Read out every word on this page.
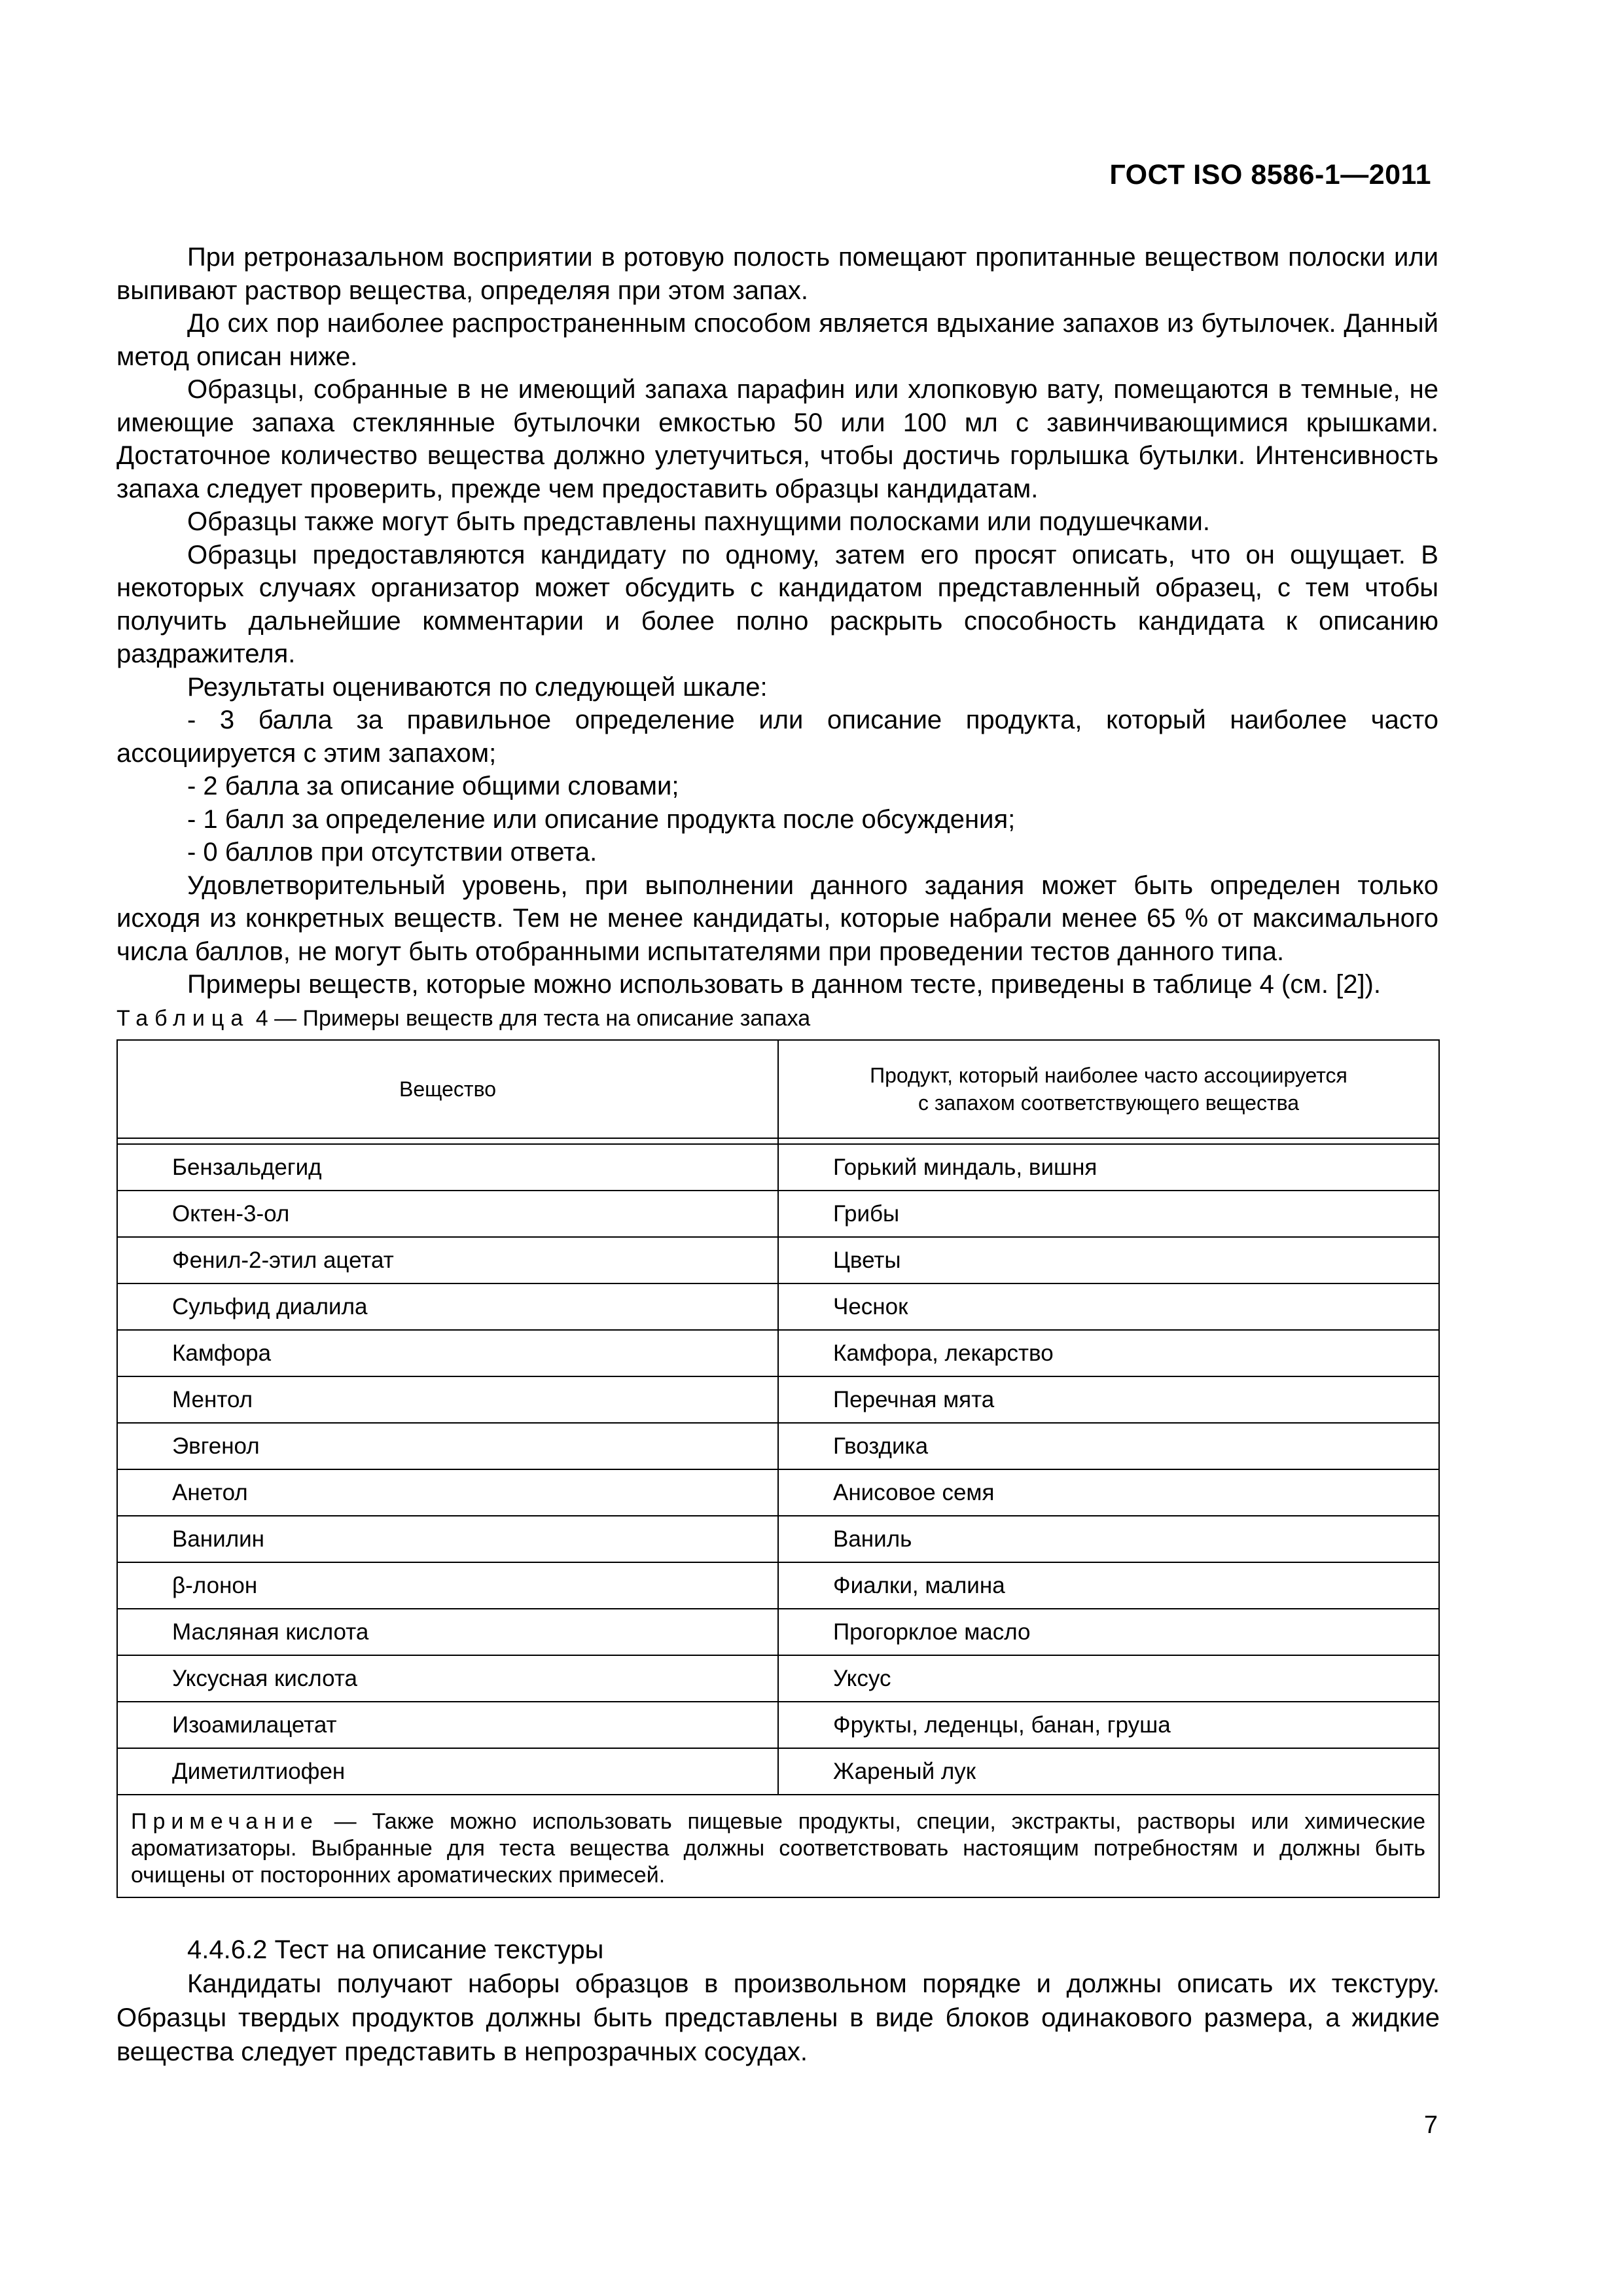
ГОСТ ISO 8586-1—2011

При ретроназальном восприятии в ротовую полость помещают пропитанные веществом полоски или выпивают раствор вещества, определяя при этом запах.

До сих пор наиболее распространенным способом является вдыхание запахов из бутылочек. Данный метод описан ниже.

Образцы, собранные в не имеющий запаха парафин или хлопковую вату, помещаются в темные, не имеющие запаха стеклянные бутылочки емкостью 50 или 100 мл с завинчивающимися крышками. Достаточное количество вещества должно улетучиться, чтобы достичь горлышка бутылки. Интенсивность запаха следует проверить, прежде чем предоставить образцы кандидатам.

Образцы также могут быть представлены пахнущими полосками или подушечками.

Образцы предоставляются кандидату по одному, затем его просят описать, что он ощущает. В некоторых случаях организатор может обсудить с кандидатом представленный образец, с тем чтобы получить дальнейшие комментарии и более полно раскрыть способность кандидата к описанию раздражителя.

Результаты оцениваются по следующей шкале:

- 3 балла за правильное определение или описание продукта, который наиболее часто ассоциируется с этим запахом;

- 2 балла за описание общими словами;

- 1 балл за определение или описание продукта после обсуждения;

- 0 баллов при отсутствии ответа.

Удовлетворительный уровень, при выполнении данного задания может быть определен только исходя из конкретных веществ. Тем не менее кандидаты, которые набрали менее 65 % от максимального числа баллов, не могут быть отобранными испытателями при проведении тестов данного типа.

Примеры веществ, которые можно использовать в данном тесте, приведены в таблице 4 (см. [2]).

Таблица 4 — Примеры веществ для теста на описание запаха
Вещество	Продукт, который наиболее часто ассоциируется
с запахом соответствующего вещества

Бензальдегид	Горький миндаль, вишня
Октен-3-ол	Грибы
Фенил-2-этил ацетат	Цветы
Сульфид диалила	Чеснок
Камфора	Камфора, лекарство
Ментол	Перечная мята
Эвгенол	Гвоздика
Анетол	Анисовое семя
Ванилин	Ваниль
β-лонон	Фиалки, малина
Масляная кислота	Прогорклое масло
Уксусная кислота	Уксус
Изоамилацетат	Фрукты, леденцы, банан, груша
Диметилтиофен	Жареный лук
Примечание — Также можно использовать пищевые продукты, специи, экстракты, растворы или химические ароматизаторы. Выбранные для теста вещества должны соответствовать настоящим потребностям и должны быть очищены от посторонних ароматических примесей.	

4.4.6.2 Тест на описание текстуры

Кандидаты получают наборы образцов в произвольном порядке и должны описать их текстуру. Образцы твердых продуктов должны быть представлены в виде блоков одинакового размера, а жидкие вещества следует представить в непрозрачных сосудах.

7
